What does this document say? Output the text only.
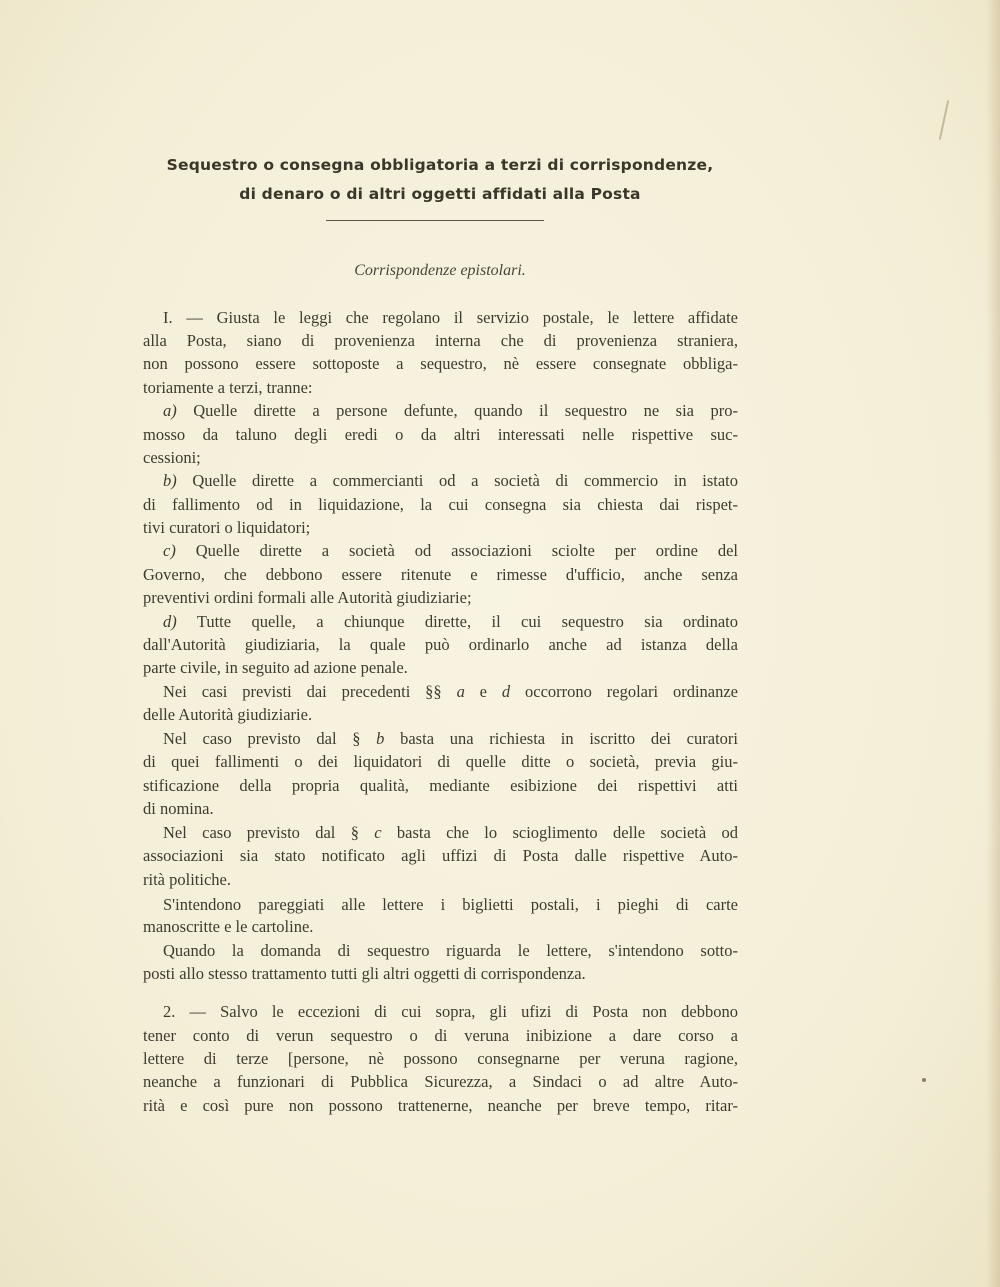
Sequestro o consegna obbligatoria a terzi di corrispondenze,
di denaro o di altri oggetti affidati alla Posta
Corrispondenze epistolari.
I. — Giusta le leggi che regolano il servizio postale, le lettere affidate
alla Posta, siano di provenienza interna che di provenienza straniera,
non possono essere sottoposte a sequestro, nè essere consegnate obbliga-
toriamente a terzi, tranne:
a) Quelle dirette a persone defunte, quando il sequestro ne sia pro-
mosso da taluno degli eredi o da altri interessati nelle rispettive suc-
cessioni;
b) Quelle dirette a commercianti od a società di commercio in istato
di fallimento od in liquidazione, la cui consegna sia chiesta dai rispet-
tivi curatori o liquidatori;
c) Quelle dirette a società od associazioni sciolte per ordine del
Governo, che debbono essere ritenute e rimesse d'ufficio, anche senza
preventivi ordini formali alle Autorità giudiziarie;
d) Tutte quelle, a chiunque dirette, il cui sequestro sia ordinato
dall'Autorità giudiziaria, la quale può ordinarlo anche ad istanza della
parte civile, in seguito ad azione penale.
Nei casi previsti dai precedenti §§ a e d occorrono regolari ordinanze
delle Autorità giudiziarie.
Nel caso previsto dal § b basta una richiesta in iscritto dei curatori
di quei fallimenti o dei liquidatori di quelle ditte o società, previa giu-
stificazione della propria qualità, mediante esibizione dei rispettivi atti
di nomina.
Nel caso previsto dal § c basta che lo scioglimento delle società od
associazioni sia stato notificato agli uffizi di Posta dalle rispettive Auto-
rità politiche.
S'intendono pareggiati alle lettere i biglietti postali, i pieghi di carte
manoscritte e le cartoline.
Quando la domanda di sequestro riguarda le lettere, s'intendono sotto-
posti allo stesso trattamento tutti gli altri oggetti di corrispondenza.
2. — Salvo le eccezioni di cui sopra, gli ufizi di Posta non debbono
tener conto di verun sequestro o di veruna inibizione a dare corso a
lettere di terze [persone, nè possono consegnarne per veruna ragione,
neanche a funzionari di Pubblica Sicurezza, a Sindaci o ad altre Auto-
rità e così pure non possono trattenerne, neanche per breve tempo, ritar-
